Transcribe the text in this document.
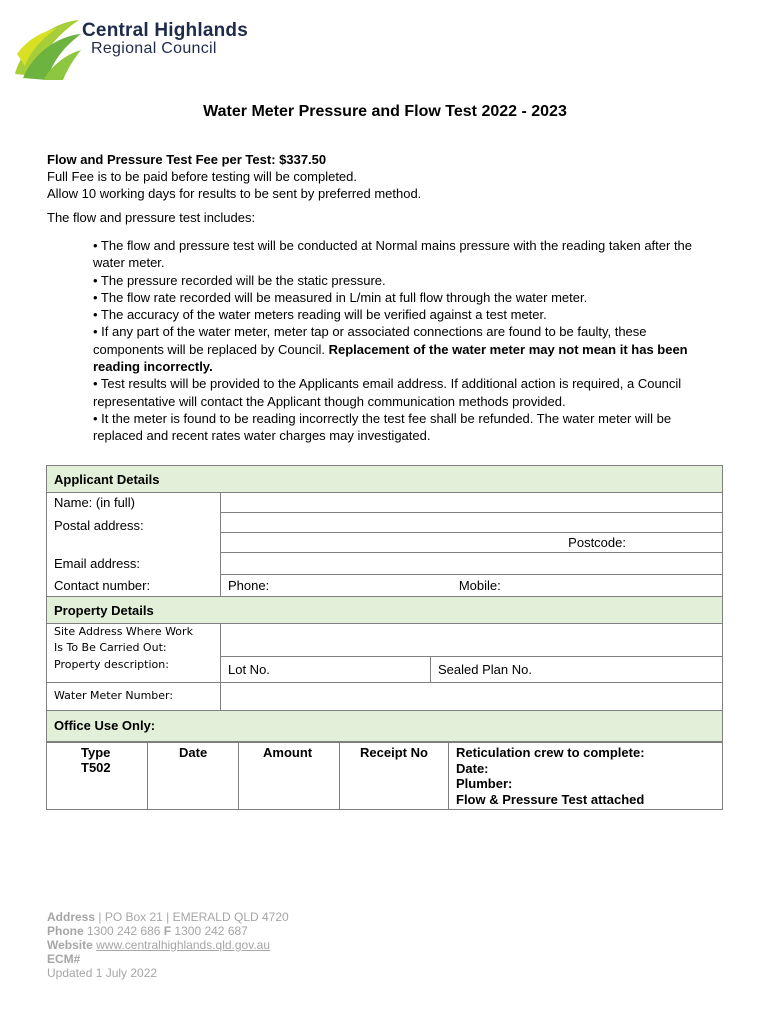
Central Highlands
Regional Council
Water Meter Pressure and Flow Test 2022 - 2023
Flow and Pressure Test Fee per Test: $337.50
Full Fee is to be paid before testing will be completed.
Allow 10 working days for results to be sent by preferred method.
The flow and pressure test includes:

• The flow and pressure test will be conducted at Normal mains pressure with the reading taken after the water meter.

• The pressure recorded will be the static pressure.

• The flow rate recorded will be measured in L/min at full flow through the water meter.

• The accuracy of the water meters reading will be verified against a test meter.

• If any part of the water meter, meter tap or associated connections are found to be faulty, these components will be replaced by Council. Replacement of the water meter may not mean it has been reading incorrectly.

• Test results will be provided to the Applicants email address. If additional action is required, a Council representative will contact the Applicant though communication methods provided.

• It the meter is found to be reading incorrectly the test fee shall be refunded. The water meter will be replaced and recent rates water charges may investigated.

Applicant Details		
Name: (in full)		
Postal address:		
	Postcode:	
Email address:		
Contact number:	Phone: Mobile:	
Property Details		

Site Address Where Work
Is To Be Carried Out:		

Property description:	Lot No.	Sealed Plan No.
Water Meter Number:		
Office Use Only:		
Type
T502
	Date	Amount	Receipt No	Reticulation crew to complete:
Date:
Plumber:
Flow & Pressure Test attached
Address | PO Box 21 | EMERALD QLD 4720
Phone 1300 242 686 F 1300 242 687
Website www.centralhighlands.qld.gov.au
ECM#
Updated 1 July 2022
